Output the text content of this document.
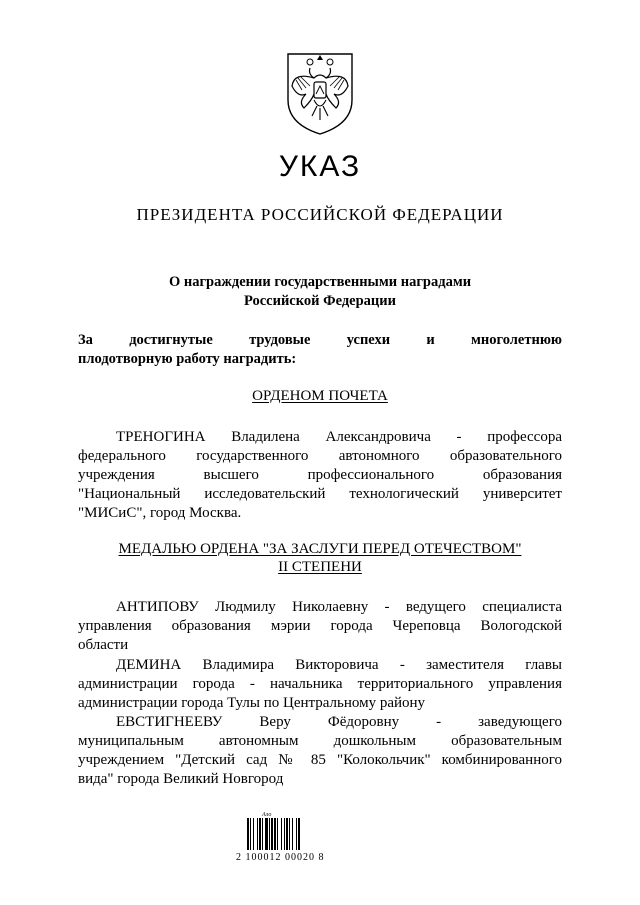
УКАЗ
ПРЕЗИДЕНТА РОССИЙСКОЙ ФЕДЕРАЦИИ
О награждении государственными наградами
Российской Федерации
За достигнутые трудовые успехи и многолетнюю
плодотворную работу наградить:
ОРДЕНОМ ПОЧЕТА
ТРЕНОГИНА Владилена Александровича - профессора
федерального государственного автономного образовательного
учреждения высшего профессионального образования
"Национальный исследовательский технологический университет
"МИСиС", город Москва.
МЕДАЛЬЮ ОРДЕНА "ЗА ЗАСЛУГИ ПЕРЕД ОТЕЧЕСТВОМ"
II СТЕПЕНИ
АНТИПОВУ Людмилу Николаевну - ведущего специалиста
управления образования мэрии города Череповца Вологодской
области
ДЕМИНА Владимира Викторовича - заместителя главы
администрации города - начальника территориального управления
администрации города Тулы по Центральному району
ЕВСТИГНЕЕВУ Веру Фёдоровну - заведующего
муниципальным автономным дошкольным образовательным
учреждением "Детский сад № 85 "Колокольчик" комбинированного
вида" города Великий Новгород
Ало
2 100012 00020 8
